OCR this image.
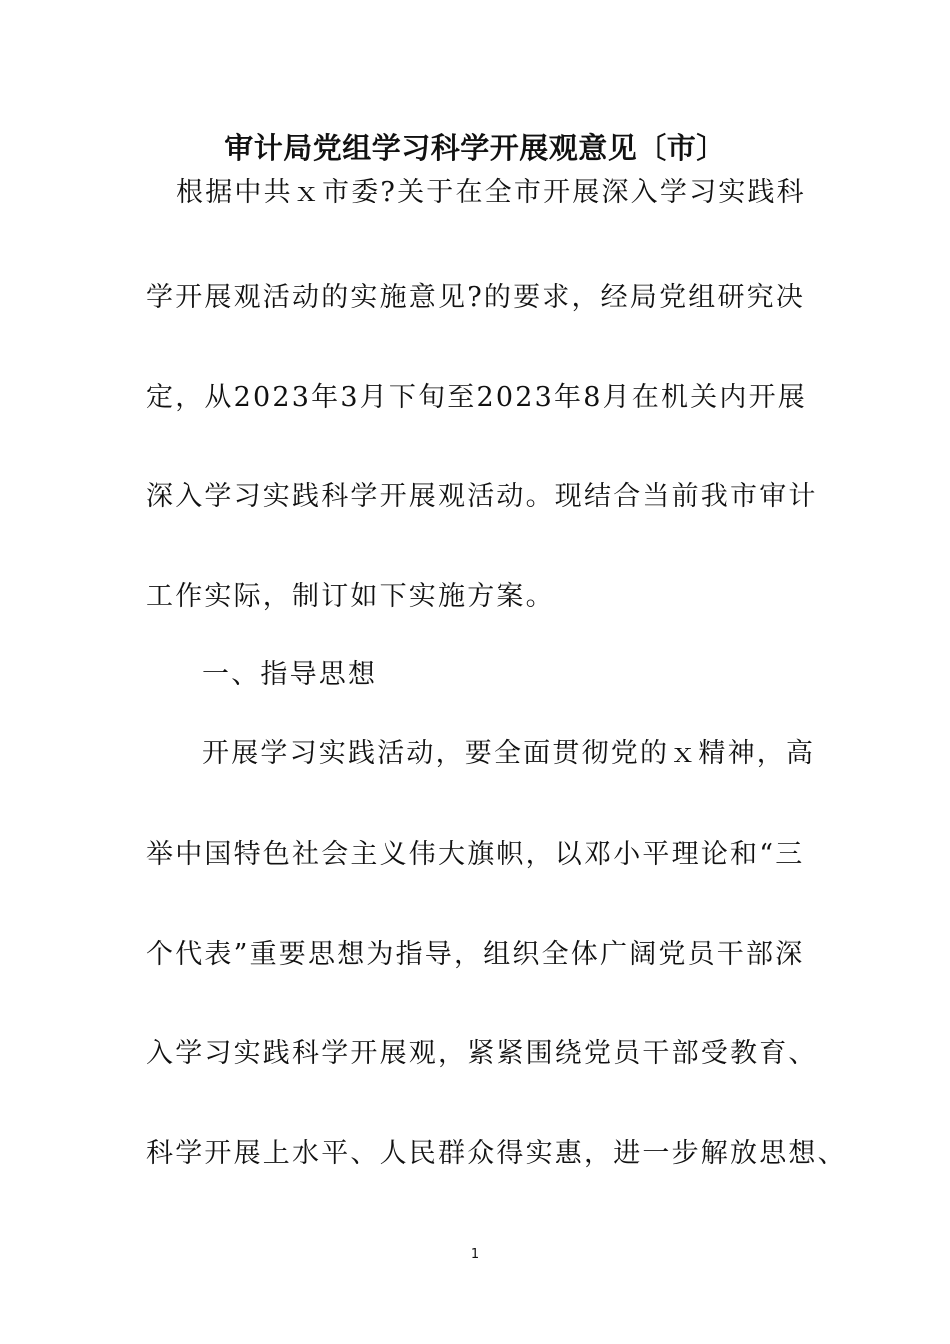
审计局党组学习科学开展观意见〔市〕
根据中共ｘ市委?关于在全市开展深入学习实践科
学开展观活动的实施意见?的要求，经局党组研究决
定，从2023年3月下旬至2023年8月在机关内开展
深入学习实践科学开展观活动。现结合当前我市审计
工作实际，制订如下实施方案。
一、指导思想
开展学习实践活动，要全面贯彻党的ｘ精神，高
举中国特色社会主义伟大旗帜，以邓小平理论和“三
个代表”重要思想为指导，组织全体广阔党员干部深
入学习实践科学开展观，紧紧围绕党员干部受教育、
科学开展上水平、人民群众得实惠，进一步解放思想、
1
